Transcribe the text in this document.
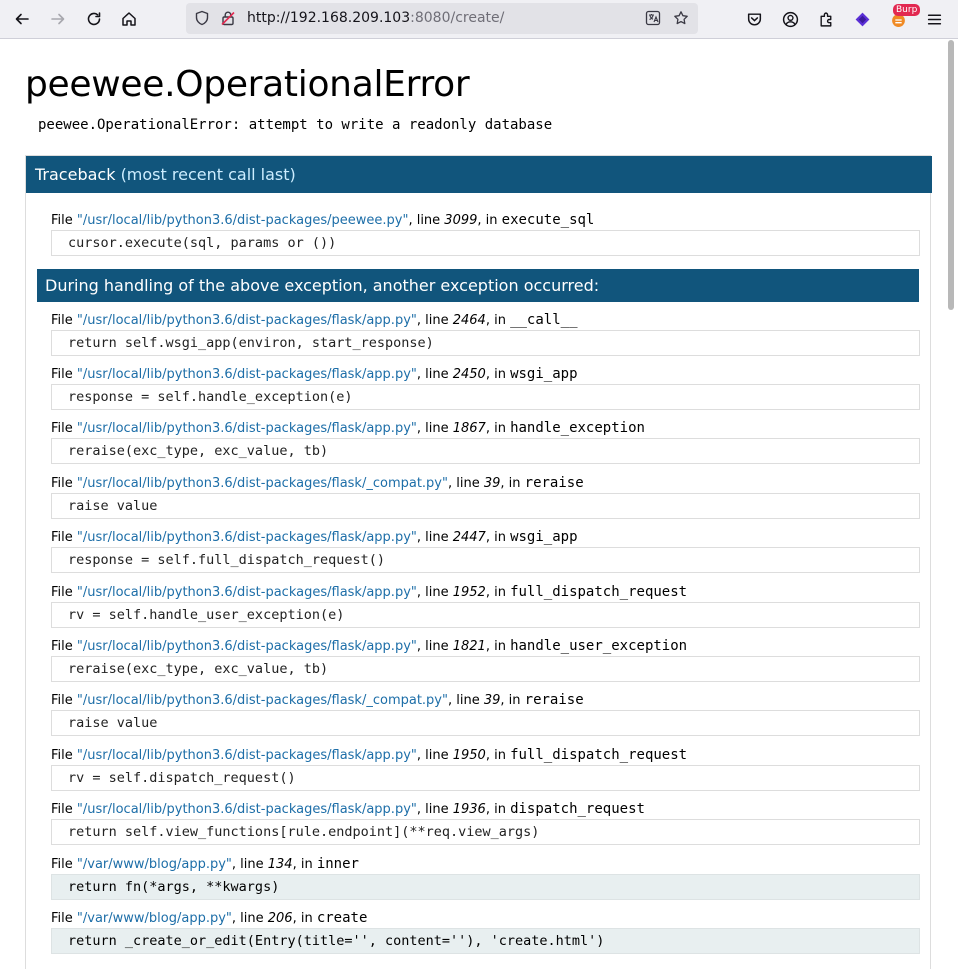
http://192.168.209.103:8080/create/	Burp
peewee.OperationalError
peewee.OperationalError: attempt to write a readonly database
Traceback (most recent call last)
During handling of the above exception, another exception occurred:
File "/usr/local/lib/python3.6/dist-packages/peewee.py", line 3099, in execute_sql
cursor.execute(sql, params or ())
File "/usr/local/lib/python3.6/dist-packages/flask/app.py", line 2464, in __call__
return self.wsgi_app(environ, start_response)
File "/usr/local/lib/python3.6/dist-packages/flask/app.py", line 2450, in wsgi_app
response = self.handle_exception(e)
File "/usr/local/lib/python3.6/dist-packages/flask/app.py", line 1867, in handle_exception
reraise(exc_type, exc_value, tb)
File "/usr/local/lib/python3.6/dist-packages/flask/_compat.py", line 39, in reraise
raise value
File "/usr/local/lib/python3.6/dist-packages/flask/app.py", line 2447, in wsgi_app
response = self.full_dispatch_request()
File "/usr/local/lib/python3.6/dist-packages/flask/app.py", line 1952, in full_dispatch_request
rv = self.handle_user_exception(e)
File "/usr/local/lib/python3.6/dist-packages/flask/app.py", line 1821, in handle_user_exception
reraise(exc_type, exc_value, tb)
File "/usr/local/lib/python3.6/dist-packages/flask/_compat.py", line 39, in reraise
raise value
File "/usr/local/lib/python3.6/dist-packages/flask/app.py", line 1950, in full_dispatch_request
rv = self.dispatch_request()
File "/usr/local/lib/python3.6/dist-packages/flask/app.py", line 1936, in dispatch_request
return self.view_functions[rule.endpoint](**req.view_args)
File "/var/www/blog/app.py", line 134, in inner
return fn(*args, **kwargs)
File "/var/www/blog/app.py", line 206, in create
return _create_or_edit(Entry(title='', content=''), 'create.html')
